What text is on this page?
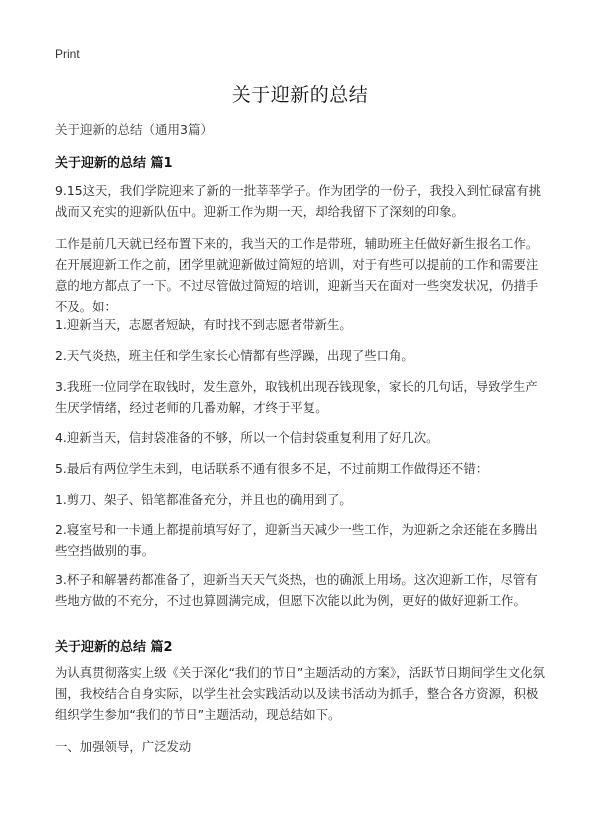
Print
关于迎新的总结
关于迎新的总结（通用3篇）
关于迎新的总结 篇1
9.15这天，我们学院迎来了新的一批莘莘学子。作为团学的一份子，我投入到忙碌富有挑战而又充实的迎新队伍中。迎新工作为期一天，却给我留下了深刻的印象。
工作是前几天就已经布置下来的，我当天的工作是带班，辅助班主任做好新生报名工作。在开展迎新工作之前，团学里就迎新做过简短的培训，对于有些可以提前的工作和需要注意的地方都点了一下。不过尽管做过简短的培训，迎新当天在面对一些突发状况，仍措手不及。如：
1.迎新当天，志愿者短缺，有时找不到志愿者带新生。
2.天气炎热，班主任和学生家长心情都有些浮躁，出现了些口角。
3.我班一位同学在取钱时，发生意外，取钱机出现吞钱现象，家长的几句话，导致学生产生厌学情绪，经过老师的几番劝解，才终于平复。
4.迎新当天，信封袋准备的不够，所以一个信封袋重复利用了好几次。
5.最后有两位学生未到，电话联系不通有很多不足，不过前期工作做得还不错：
1.剪刀、架子、铅笔都准备充分，并且也的确用到了。
2.寝室号和一卡通上都提前填写好了，迎新当天减少一些工作，为迎新之余还能在多腾出些空挡做别的事。
3.杯子和解暑药都准备了，迎新当天天气炎热，也的确派上用场。这次迎新工作，尽管有些地方做的不充分，不过也算圆满完成，但愿下次能以此为例，更好的做好迎新工作。
关于迎新的总结 篇2
为认真贯彻落实上级《关于深化“我们的节日”主题活动的方案》，活跃节日期间学生文化氛围，我校结合自身实际，以学生社会实践活动以及读书活动为抓手，整合各方资源，积极组织学生参加“我们的节日”主题活动，现总结如下。
一、加强领导，广泛发动
